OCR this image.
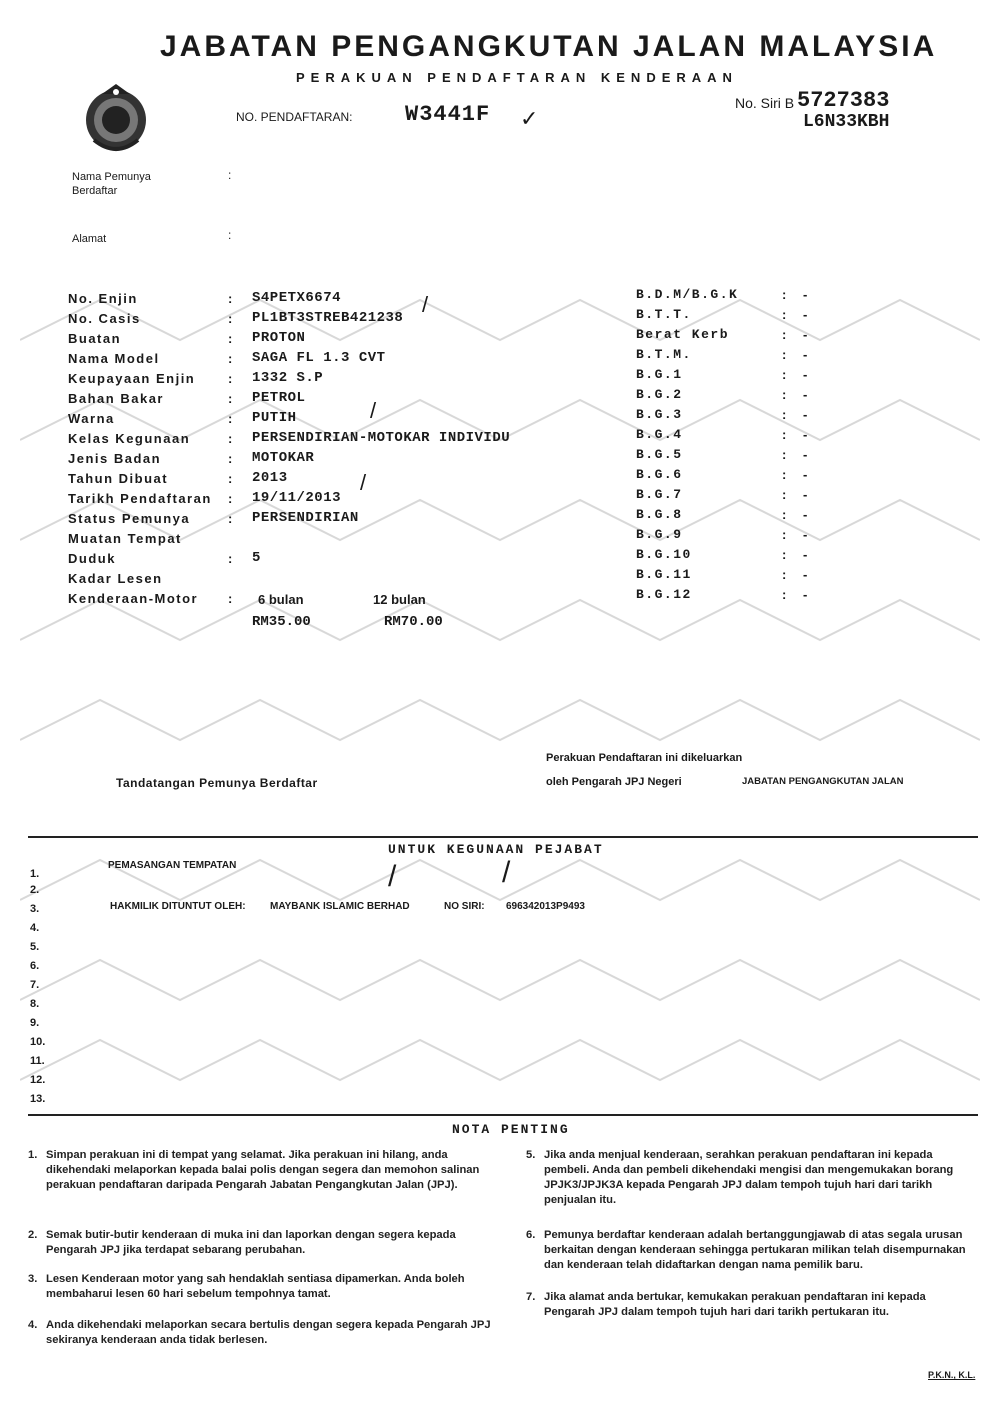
JABATAN PENGANGKUTAN JALAN MALAYSIA
PERAKUAN PENDAFTARAN KENDERAAN
NO. PENDAFTARAN: W3441F ✓
No. Siri B 5727383
L6N33KBH
Nama Pemunya
Berdaftar
:
Alamat	:
No. Enjin	: S4PETX6674
No. Casis	: PL1BT3STREB421238
Buatan	: PROTON
Nama Model	: SAGA FL 1.3 CVT
Keupayaan Enjin	: 1332 S.P
Bahan Bakar	: PETROL
Warna	: PUTIH
Kelas Kegunaan	: PERSENDIRIAN-MOTOKAR INDIVIDU
Jenis Badan	: MOTOKAR
Tahun Dibuat	: 2013
Tarikh Pendaftaran : 19/11/2013
Status Pemunya	: PERSENDIRIAN
Muatan Tempat
Duduk	: 5
Kadar Lesen
Kenderaan-Motor : 6 bulan	12 bulan
RM35.00	RM70.00
/
/
/
B.D.M/B.G.K	: -
B.T.T.	: -
Berat Kerb	: -
B.T.M.	: -
B.G.1	: -
B.G.2	: -
B.G.3	: -
B.G.4	: -
B.G.5	: -
B.G.6	: -
B.G.7	: -
B.G.8	: -
B.G.9	: -
B.G.10	: -
B.G.11	: -
B.G.12	: -
Tandatangan Pemunya Berdaftar
Perakuan Pendaftaran ini dikeluarkan
oleh Pengarah JPJ Negeri	JABATAN PENGANGKUTAN JALAN
UNTUK KEGUNAAN PEJABAT
PEMASANGAN TEMPATAN
HAKMILIK DITUNTUT OLEH: MAYBANK ISLAMIC BERHAD	NO SIRI: 696342013P9493
/	/
1.
2.
3.
4.
5.
6.
7.
8.
9.
10.
11.
12.
13.
NOTA PENTING
1. Simpan perakuan ini di tempat yang selamat. Jika perakuan ini hilang, anda dikehendaki melaporkan kepada balai polis dengan segera dan memohon salinan perakuan pendaftaran daripada Pengarah Jabatan Pengangkutan Jalan (JPJ).
2. Semak butir-butir kenderaan di muka ini dan laporkan dengan segera kepada Pengarah JPJ jika terdapat sebarang perubahan.
3. Lesen Kenderaan motor yang sah hendaklah sentiasa dipamerkan. Anda boleh membaharui lesen 60 hari sebelum tempohnya tamat.
4. Anda dikehendaki melaporkan secara bertulis dengan segera kepada Pengarah JPJ sekiranya kenderaan anda tidak berlesen.
5. Jika anda menjual kenderaan, serahkan perakuan pendaftaran ini kepada pembeli. Anda dan pembeli dikehendaki mengisi dan mengemukakan borang JPJK3/JPJK3A kepada Pengarah JPJ dalam tempoh tujuh hari dari tarikh penjualan itu.
6. Pemunya berdaftar kenderaan adalah bertanggungjawab di atas segala urusan berkaitan dengan kenderaan sehingga pertukaran milikan telah disempurnakan dan kenderaan telah didaftarkan dengan nama pemilik baru.
7. Jika alamat anda bertukar, kemukakan perakuan pendaftaran ini kepada Pengarah JPJ dalam tempoh tujuh hari dari tarikh pertukaran itu.
P.K.N., K.L.
